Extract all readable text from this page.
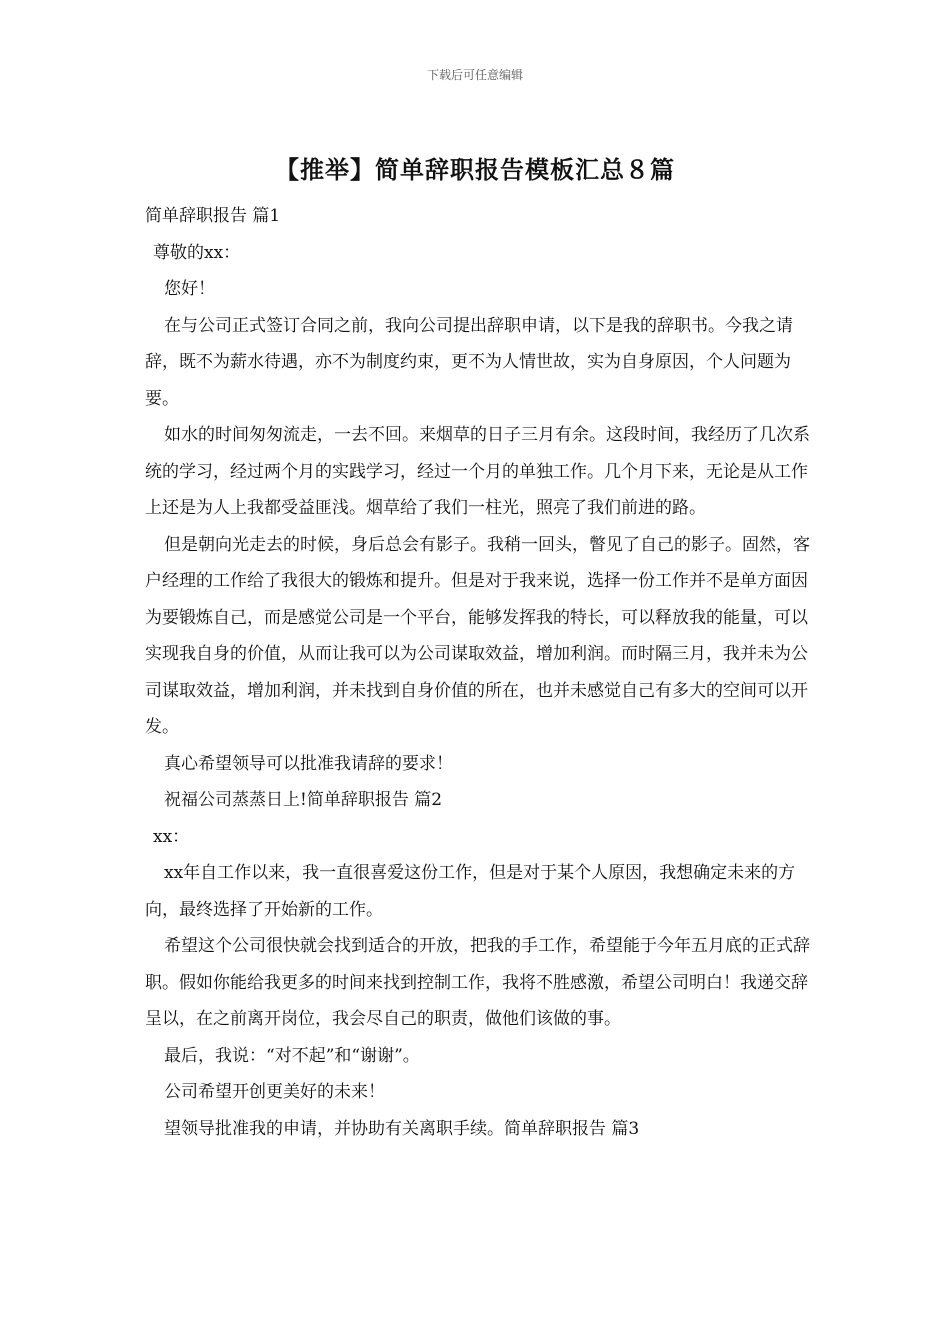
下载后可任意编辑
【推举】简单辞职报告模板汇总８篇

简单辞职报告 篇1

尊敬的xx：

您好！

在与公司正式签订合同之前，我向公司提出辞职申请，以下是我的辞职书。今我之请辞，既不为薪水待遇，亦不为制度约束，更不为人情世故，实为自身原因，个人问题为要。

如水的时间匆匆流走，一去不回。来烟草的日子三月有余。这段时间，我经历了几次系统的学习，经过两个月的实践学习，经过一个月的单独工作。几个月下来，无论是从工作上还是为人上我都受益匪浅。烟草给了我们一柱光，照亮了我们前进的路。

但是朝向光走去的时候，身后总会有影子。我稍一回头，瞥见了自己的影子。固然，客户经理的工作给了我很大的锻炼和提升。但是对于我来说，选择一份工作并不是单方面因为要锻炼自己，而是感觉公司是一个平台，能够发挥我的特长，可以释放我的能量，可以实现我自身的价值，从而让我可以为公司谋取效益，增加利润。而时隔三月，我并未为公司谋取效益，增加利润，并未找到自身价值的所在，也并未感觉自己有多大的空间可以开发。

真心希望领导可以批准我请辞的要求！

祝福公司蒸蒸日上!简单辞职报告 篇2

xx：

xx年自工作以来，我一直很喜爱这份工作，但是对于某个人原因，我想确定未来的方向，最终选择了开始新的工作。

希望这个公司很快就会找到适合的开放，把我的手工作，希望能于今年五月底的正式辞职。假如你能给我更多的时间来找到控制工作，我将不胜感激，希望公司明白！我递交辞呈以，在之前离开岗位，我会尽自己的职责，做他们该做的事。

最后，我说：“对不起”和“谢谢”。

公司希望开创更美好的未来！

望领导批准我的申请，并协助有关离职手续。简单辞职报告 篇3
